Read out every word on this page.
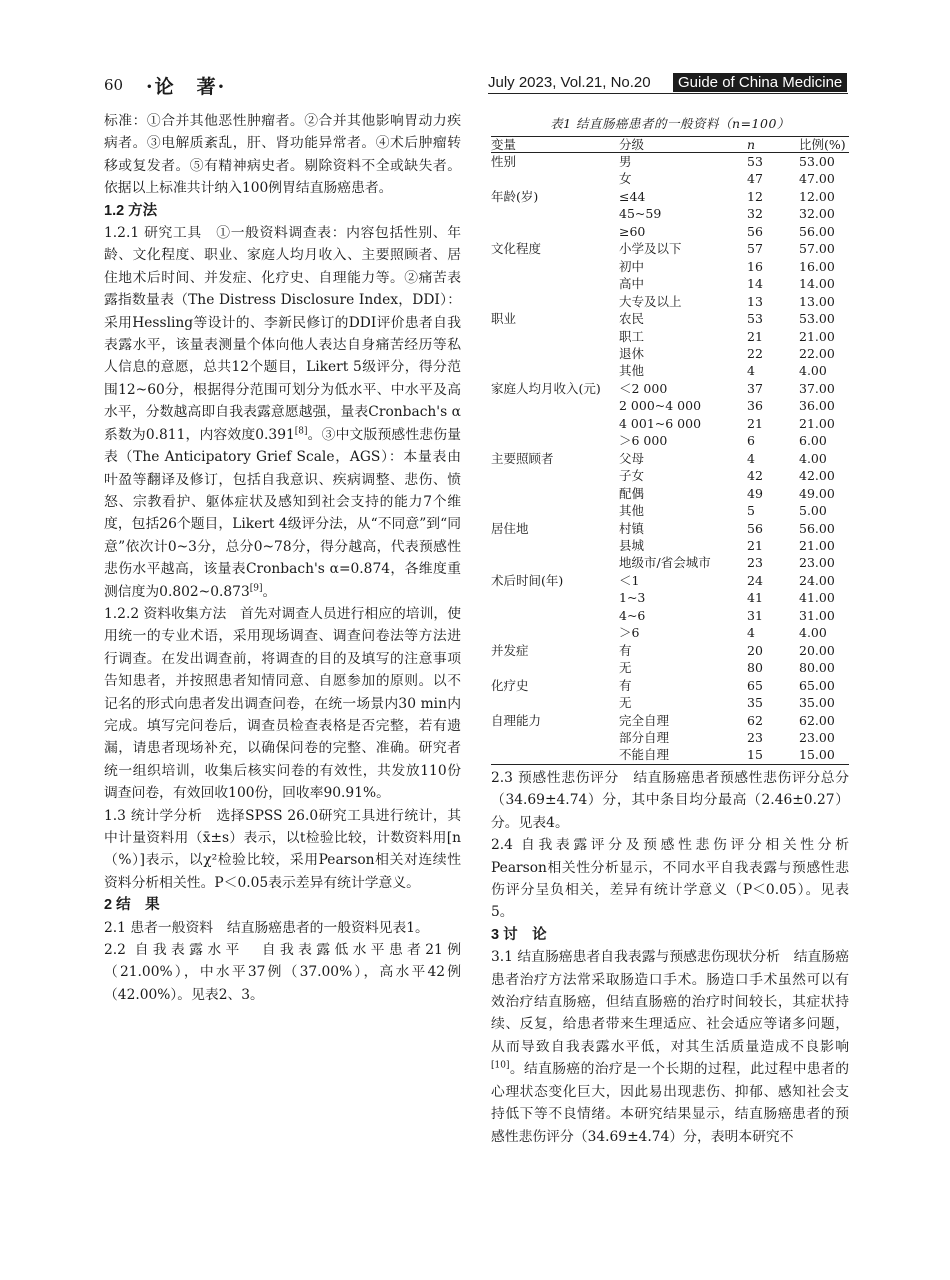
60 ·论　著·	July 2023, Vol.21, No.20	Guide of China Medicine

标准：①合并其他恶性肿瘤者。②合并其他影响胃动力疾病者。③电解质紊乱，肝、肾功能异常者。④术后肿瘤转移或复发者。⑤有精神病史者。剔除资料不全或缺失者。依据以上标准共计纳入100例胃结直肠癌患者。

1.2 方法

1.2.1 研究工具　①一般资料调查表：内容包括性别、年龄、文化程度、职业、家庭人均月收入、主要照顾者、居住地术后时间、并发症、化疗史、自理能力等。②痛苦表露指数量表（The Distress Disclosure Index，DDI）：采用Hessling等设计的、李新民修订的DDI评价患者自我表露水平，该量表测量个体向他人表达自身痛苦经历等私人信息的意愿，总共12个题目，Likert 5级评分，得分范围12~60分，根据得分范围可划分为低水平、中水平及高水平，分数越高即自我表露意愿越强，量表Cronbach's α系数为0.811，内容效度0.391[8]。③中文版预感性悲伤量表（The Anticipatory Grief Scale，AGS）：本量表由叶盈等翻译及修订，包括自我意识、疾病调整、悲伤、愤怒、宗教看护、躯体症状及感知到社会支持的能力7个维度，包括26个题目，Likert 4级评分法，从“不同意”到“同意”依次计0~3分，总分0~78分，得分越高，代表预感性悲伤水平越高，该量表Cronbach's α=0.874，各维度重测信度为0.802~0.873[9]。

1.2.2 资料收集方法　首先对调查人员进行相应的培训，使用统一的专业术语，采用现场调查、调查问卷法等方法进行调查。在发出调查前，将调查的目的及填写的注意事项告知患者，并按照患者知情同意、自愿参加的原则。以不记名的形式向患者发出调查问卷，在统一场景内30 min内完成。填写完问卷后，调查员检查表格是否完整，若有遗漏，请患者现场补充，以确保问卷的完整、准确。研究者统一组织培训，收集后核实问卷的有效性，共发放110份调查问卷，有效回收100份，回收率90.91%。

1.3 统计学分析　选择SPSS 26.0研究工具进行统计，其中计量资料用（x̄±s）表示，以t检验比较，计数资料用[n（%）]表示，以χ²检验比较，采用Pearson相关对连续性资料分析相关性。P＜0.05表示差异有统计学意义。

2 结　果

2.1 患者一般资料　结直肠癌患者的一般资料见表1。

2.2 自我表露水平　自我表露低水平患者21例（21.00%），中水平37例（37.00%），高水平42例（42.00%）。见表2、3。

表1 结直肠癌患者的一般资料（n=100）

变量	分级	n	比例(%)
性别	男	53	53.00
	女	47	47.00
年龄(岁)	≤44	12	12.00
	45~59	32	32.00
	≥60	56	56.00
文化程度	小学及以下	57	57.00
	初中	16	16.00
	高中	14	14.00
	大专及以上	13	13.00
职业	农民	53	53.00
	职工	21	21.00
	退休	22	22.00
	其他	4	4.00
家庭人均月收入(元)	＜2 000	37	37.00
	2 000~4 000	36	36.00
	4 001~6 000	21	21.00
	＞6 000	6	6.00
主要照顾者	父母	4	4.00
	子女	42	42.00
	配偶	49	49.00
	其他	5	5.00
居住地	村镇	56	56.00
	县城	21	21.00
	地级市/省会城市	23	23.00
术后时间(年)	＜1	24	24.00
	1~3	41	41.00
	4~6	31	31.00
	＞6	4	4.00
并发症	有	20	20.00
	无	80	80.00
化疗史	有	65	65.00
	无	35	35.00
自理能力	完全自理	62	62.00
	部分自理	23	23.00
	不能自理	15	15.00

2.3 预感性悲伤评分　结直肠癌患者预感性悲伤评分总分（34.69±4.74）分，其中条目均分最高（2.46±0.27）分。见表4。

2.4 自我表露评分及预感性悲伤评分相关性分析　Pearson相关性分析显示，不同水平自我表露与预感性悲伤评分呈负相关，差异有统计学意义（P＜0.05）。见表5。

3 讨　论

3.1 结直肠癌患者自我表露与预感悲伤现状分析　结直肠癌患者治疗方法常采取肠造口手术。肠造口手术虽然可以有效治疗结直肠癌，但结直肠癌的治疗时间较长，其症状持续、反复，给患者带来生理适应、社会适应等诸多问题，从而导致自我表露水平低，对其生活质量造成不良影响[10]。结直肠癌的治疗是一个长期的过程，此过程中患者的心理状态变化巨大，因此易出现悲伤、抑郁、感知社会支持低下等不良情绪。本研究结果显示，结直肠癌患者的预感性悲伤评分（34.69±4.74）分，表明本研究不
